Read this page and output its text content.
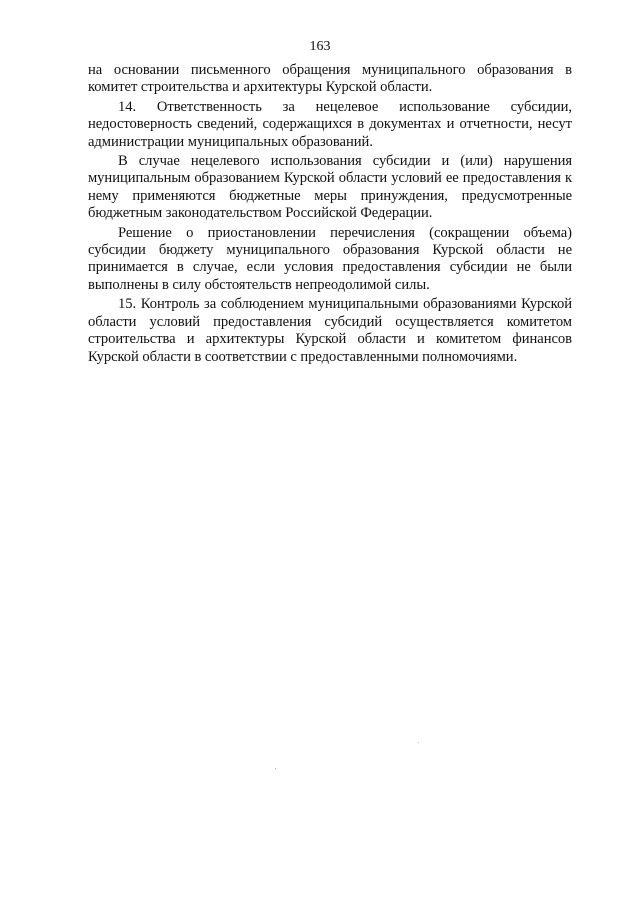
163

на основании письменного обращения муниципального образования в комитет строительства и архитектуры Курской области.

14. Ответственность за нецелевое использование субсидии, недостоверность сведений, содержащихся в документах и отчетности, несут администрации муниципальных образований.

В случае нецелевого использования субсидии и (или) нарушения муниципальным образованием Курской области условий ее предоставления к нему применяются бюджетные меры принуждения, предусмотренные бюджетным законодательством Российской Федерации.

Решение о приостановлении перечисления (сокращении объема) субсидии бюджету муниципального образования Курской области не принимается в случае, если условия предоставления субсидии не были выполнены в силу обстоятельств непреодолимой силы.

15. Контроль за соблюдением муниципальными образованиями Курской области условий предоставления субсидий осуществляется комитетом строительства и архитектуры Курской области и комитетом финансов Курской области в соответствии с предоставленными полномочиями.
